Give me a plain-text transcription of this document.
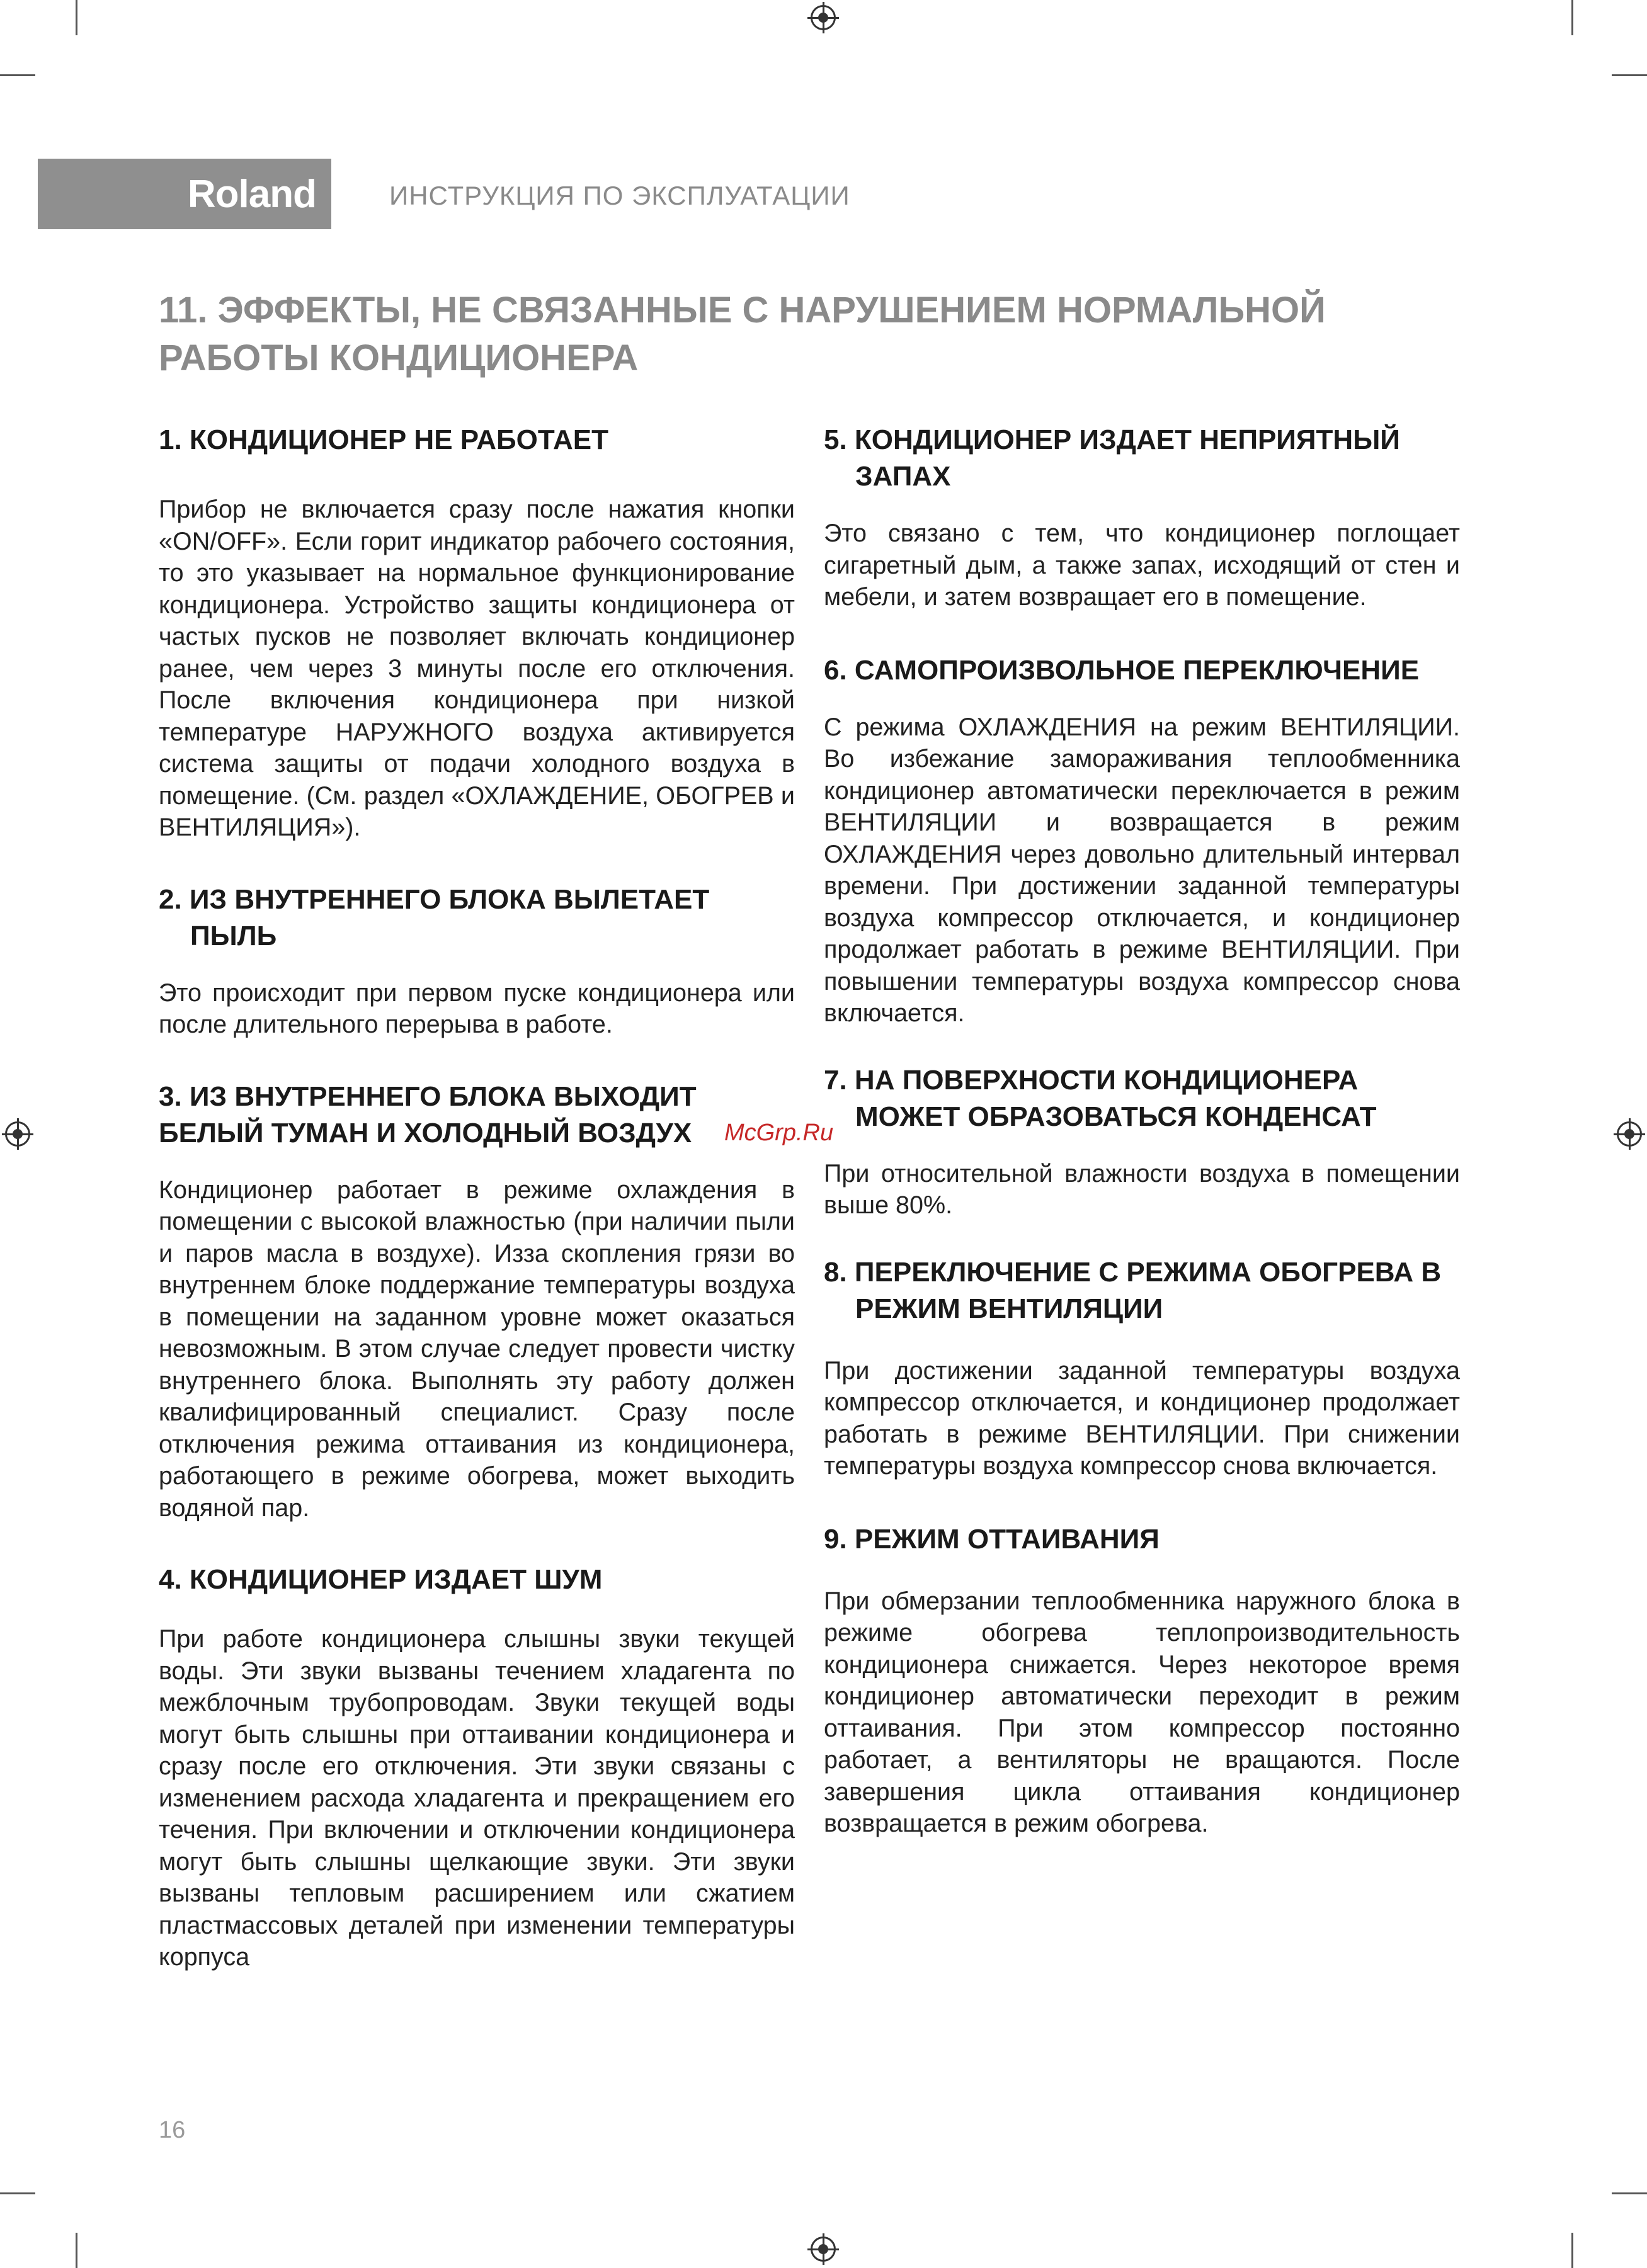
Roland	ИНСТРУКЦИЯ ПО ЭКСПЛУАТАЦИИ
11. ЭФФЕКТЫ, НЕ СВЯЗАННЫЕ С НАРУШЕНИЕМ НОРМАЛЬНОЙ РАБОТЫ КОНДИЦИОНЕРА
1. КОНДИЦИОНЕР НЕ РАБОТАЕТ

Прибор не включается сразу после нажатия кнопки «ON/OFF». Если горит индикатор рабочего состояния, то это указывает на нормальное функционирование кондиционера. Устройство защиты кондиционера от частых пусков не позволяет включать кондиционер ранее, чем через 3 минуты после его отключения. После включения кондиционера при низкой температуре НАРУЖНОГО воздуха активируется система защиты от подачи холодного воздуха в помещение. (См. раздел «ОХЛАЖДЕНИЕ, ОБОГРЕВ и ВЕНТИЛЯЦИЯ»).

2. ИЗ ВНУТРЕННЕГО БЛОКА ВЫЛЕТАЕТ ПЫЛЬ

Это происходит при первом пуске кондиционера или после длительного перерыва в работе.

3. ИЗ ВНУТРЕННЕГО БЛОКА ВЫХОДИТ БЕЛЫЙ ТУМАН И ХОЛОДНЫЙ ВОЗДУХ

Кондиционер работает в режиме охлаждения в помещении с высокой влажностью (при наличии пыли и паров масла в воздухе). Изза скопления грязи во внутреннем блоке поддержание температуры воздуха в помещении на заданном уровне может оказаться невозможным. В этом случае следует провести чистку внутреннего блока. Выполнять эту работу должен квалифицированный специалист. Сразу после отключения режима оттаивания из кондиционера, работающего в режиме обогрева, может выходить водяной пар.

4. КОНДИЦИОНЕР ИЗДАЕТ ШУМ

При работе кондиционера слышны звуки текущей воды. Эти звуки вызваны течением хладагента по межблочным трубопроводам. Звуки текущей воды могут быть слышны при оттаивании кондиционера и сразу после его отключения. Эти звуки связаны с изменением расхода хладагента и прекращением его течения. При включении и отключении кондиционера могут быть слышны щелкающие звуки. Эти звуки вызваны тепловым расширением или сжатием пластмассовых деталей при изменении температуры корпуса

5. КОНДИЦИОНЕР ИЗДАЕТ НЕПРИЯТНЫЙ ЗАПАХ

Это связано с тем, что кондиционер поглощает сигаретный дым, а также запах, исходящий от стен и мебели, и затем возвращает его в помещение.

6. САМОПРОИЗВОЛЬНОЕ ПЕРЕКЛЮЧЕНИЕ

С режима ОХЛАЖДЕНИЯ на режим ВЕНТИЛЯЦИИ. Во избежание замораживания теплообменника кондиционер автоматически переключается в режим ВЕНТИЛЯЦИИ и возвращается в режим ОХЛАЖДЕНИЯ через довольно длительный интервал времени. При достижении заданной температуры воздуха компрессор отключается, и кондиционер продолжает работать в режиме ВЕНТИЛЯЦИИ. При повышении температуры воздуха компрессор снова включается.

7. НА ПОВЕРХНОСТИ КОНДИЦИОНЕРА МОЖЕТ ОБРАЗОВАТЬСЯ КОНДЕНСАТ

При относительной влажности воздуха в помещении выше 80%.

8. ПЕРЕКЛЮЧЕНИЕ С РЕЖИМА ОБОГРЕВА В РЕЖИМ ВЕНТИЛЯЦИИ

При достижении заданной температуры воздуха компрессор отключается, и кондиционер продолжает работать в режиме ВЕНТИЛЯЦИИ. При снижении температуры воздуха компрессор снова включается.

9. РЕЖИМ ОТТАИВАНИЯ

При обмерзании теплообменника наружного блока в режиме обогрева теплопроизводительность кондиционера снижается. Через некоторое время кондиционер автоматически переходит в режим оттаивания. При этом компрессор постоянно работает, а вентиляторы не вращаются. После завершения цикла оттаивания кондиционер возвращается в режим обогрева.

McGrp.Ru
16
